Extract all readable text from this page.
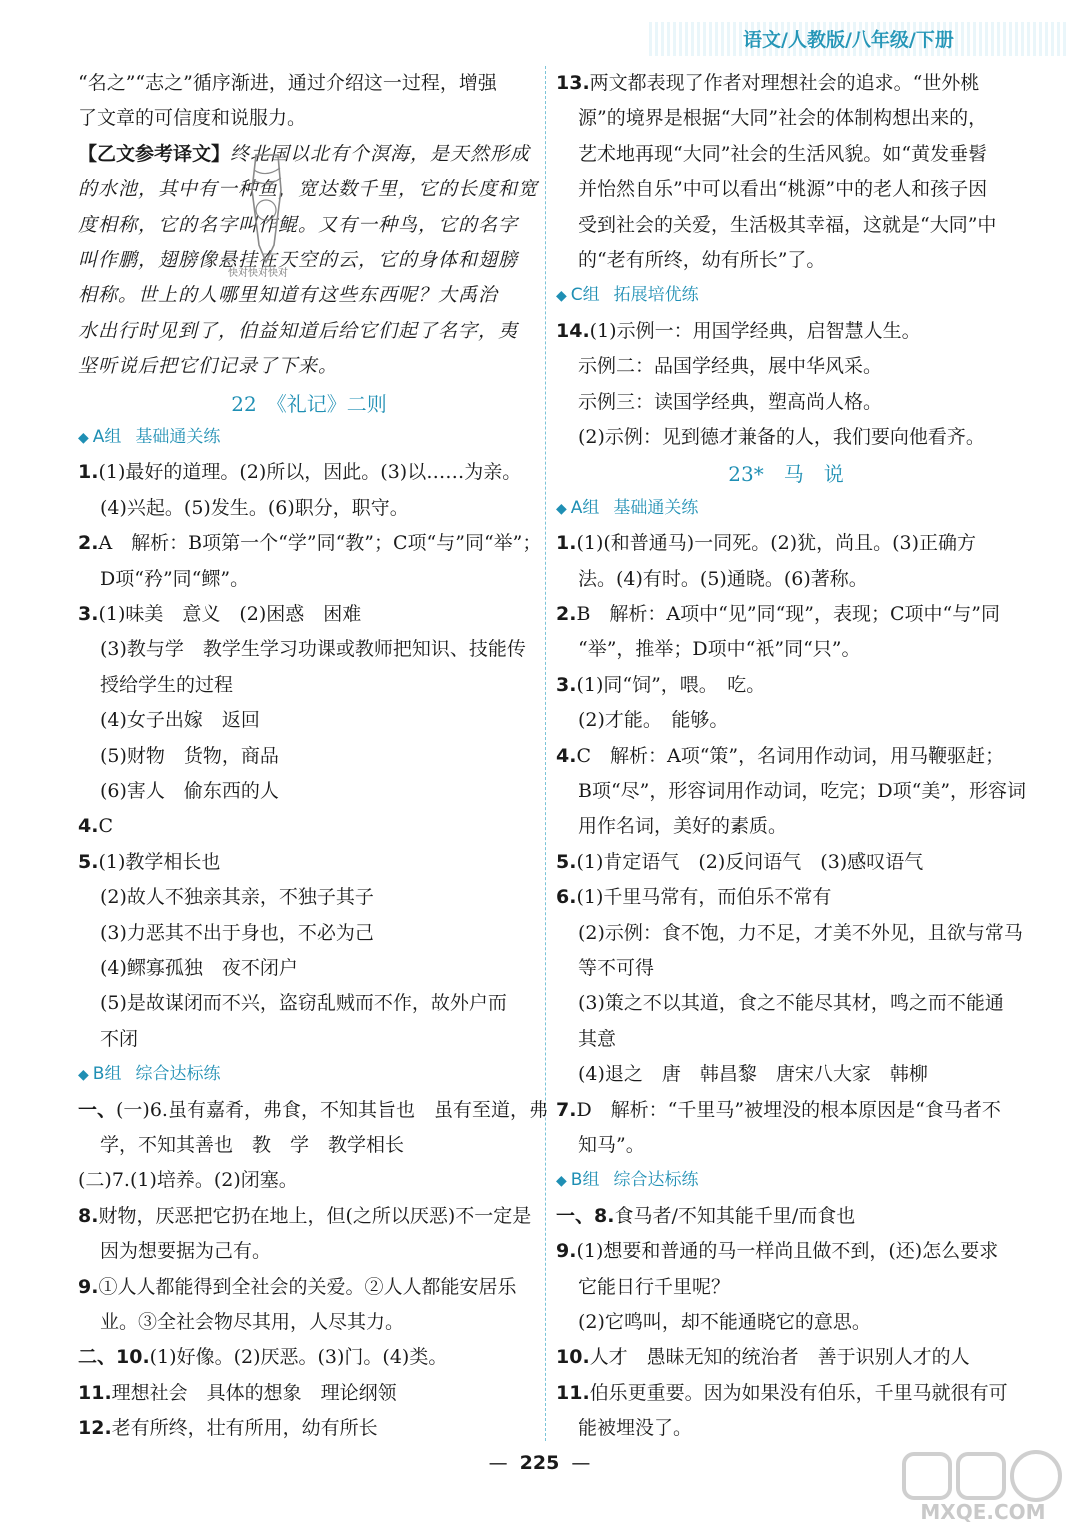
语文/人教版/八年级/下册
“名之”“志之”循序渐进，通过介绍这一过程，增强
了文章的可信度和说服力。
【乙文参考译文】终北国以北有个溟海，是天然形成
的水池，其中有一种鱼，宽达数千里，它的长度和宽
度相称，它的名字叫作鲲。又有一种鸟，它的名字
叫作鹏，翅膀像悬挂在天空的云，它的身体和翅膀
相称。世上的人哪里知道有这些东西呢？大禹治
水出行时见到了，伯益知道后给它们起了名字，夷
坚听说后把它们记录了下来。
22　《礼记》二则
◆ A组 基础通关练
1.(1)最好的道理。(2)所以，因此。(3)以……为亲。
(4)兴起。(5)发生。(6)职分，职守。
2.A　解析：B项第一个“学”同“教”；C项“与”同“举”；
D项“矜”同“鳏”。
3.(1)味美　意义　(2)困惑　困难
(3)教与学　教学生学习功课或教师把知识、技能传
授给学生的过程
(4)女子出嫁　返回
(5)财物　货物，商品
(6)害人　偷东西的人
4.C
5.(1)教学相长也
(2)故人不独亲其亲，不独子其子
(3)力恶其不出于身也，不必为己
(4)鳏寡孤独　夜不闭户
(5)是故谋闭而不兴，盗窃乱贼而不作，故外户而
不闭
◆ B组 综合达标练
一、(一)6.虽有嘉肴，弗食，不知其旨也　虽有至道，弗
学，不知其善也　教　学　教学相长
(二)7.(1)培养。(2)闭塞。
8.财物，厌恶把它扔在地上，但(之所以厌恶)不一定是
因为想要据为己有。
9.①人人都能得到全社会的关爱。②人人都能安居乐
业。③全社会物尽其用，人尽其力。
二、10.(1)好像。(2)厌恶。(3)门。(4)类。
11.理想社会　具体的想象　理论纲领
12.老有所终，壮有所用，幼有所长
13.两文都表现了作者对理想社会的追求。“世外桃
源”的境界是根据“大同”社会的体制构想出来的，
艺术地再现“大同”社会的生活风貌。如“黄发垂髫
并怡然自乐”中可以看出“桃源”中的老人和孩子因
受到社会的关爱，生活极其幸福，这就是“大同”中
的“老有所终，幼有所长”了。
◆ C组 拓展培优练
14.(1)示例一：用国学经典，启智慧人生。
示例二：品国学经典，展中华风采。
示例三：读国学经典，塑高尚人格。
(2)示例：见到德才兼备的人，我们要向他看齐。
23*　马　说
◆ A组 基础通关练
1.(1)(和普通马)一同死。(2)犹，尚且。(3)正确方
法。(4)有时。(5)通晓。(6)著称。
2.B　解析：A项中“见”同“现”，表现；C项中“与”同
“举”，推举；D项中“祇”同“只”。
3.(1)同“饲”，喂。　吃。
(2)才能。　能够。
4.C　解析：A项“策”，名词用作动词，用马鞭驱赶；
B项“尽”，形容词用作动词，吃完；D项“美”，形容词
用作名词，美好的素质。
5.(1)肯定语气　(2)反问语气　(3)感叹语气
6.(1)千里马常有，而伯乐不常有
(2)示例：食不饱，力不足，才美不外见，且欲与常马
等不可得
(3)策之不以其道，食之不能尽其材，鸣之而不能通
其意
(4)退之　唐　韩昌黎　唐宋八大家　韩柳
7.D　解析：“千里马”被埋没的根本原因是“食马者不
知马”。
◆ B组 综合达标练
一、8.食马者/不知其能千里/而食也
9.(1)想要和普通的马一样尚且做不到，(还)怎么要求
它能日行千里呢？
(2)它鸣叫，却不能通晓它的意思。
10.人才　愚昧无知的统治者　善于识别人才的人
11.伯乐更重要。因为如果没有伯乐，千里马就很有可
能被埋没了。
快对快对快对
— 225 —
MXQE.COM
